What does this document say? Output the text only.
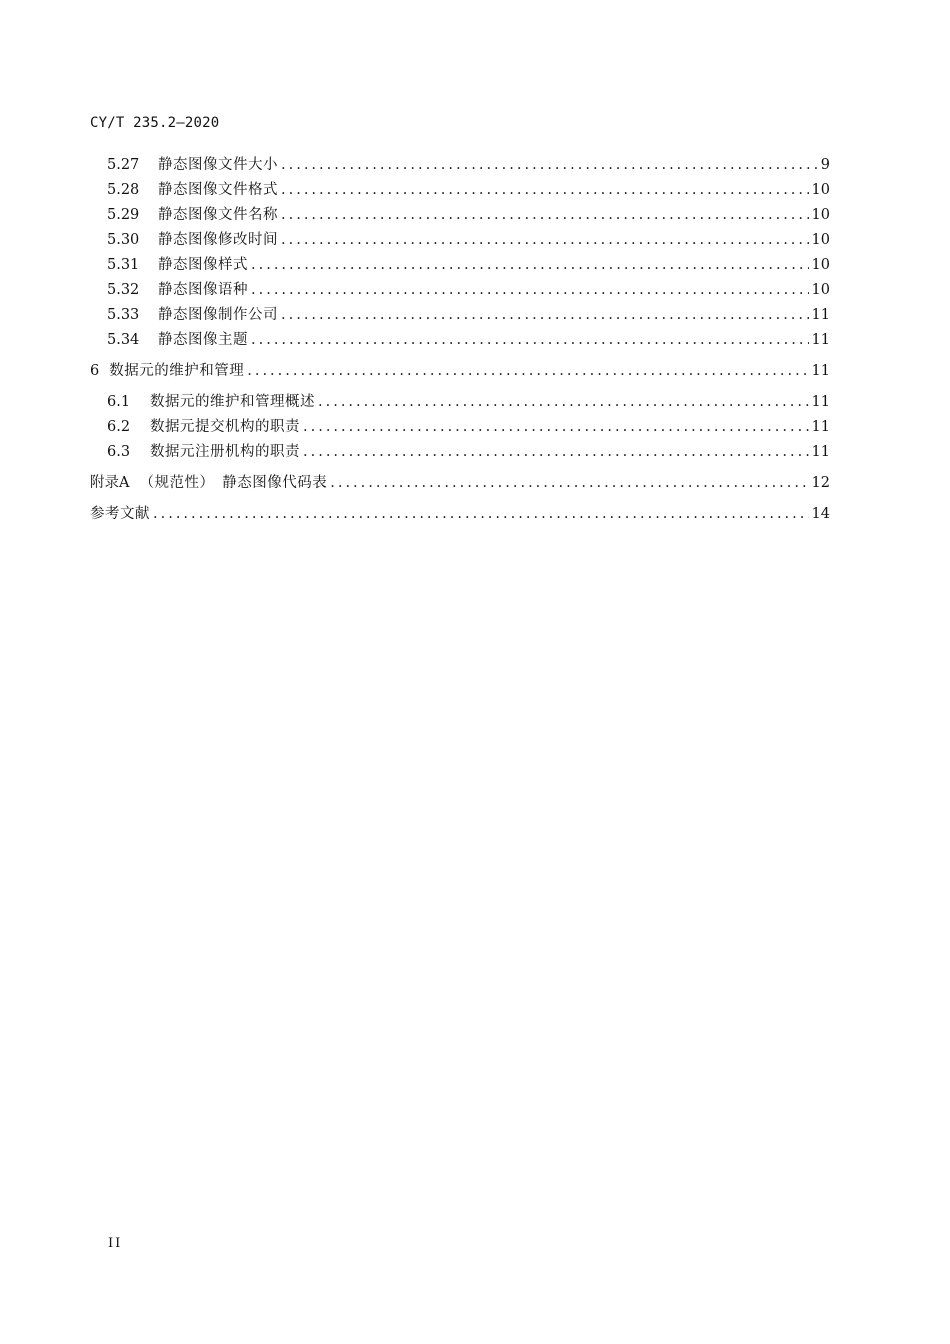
CY/T 235.2—2020
5.27	静态图像文件大小 .....	9
5.28	静态图像文件格式 .....	10
5.29	静态图像文件名称 .....	10
5.30	静态图像修改时间 .....	10
5.31	静态图像样式 .....	10
5.32	静态图像语种 .....	10
5.33	静态图像制作公司 .....	11
5.34	静态图像主题 .....	11
6 数据元的维护和管理 .....	11
6.1	数据元的维护和管理概述 .....	11
6.2	数据元提交机构的职责 .....	11
6.3	数据元注册机构的职责 .....	11
附录A （规范性）　静态图像代码表 .....	12
参考文献 .....	14
II
